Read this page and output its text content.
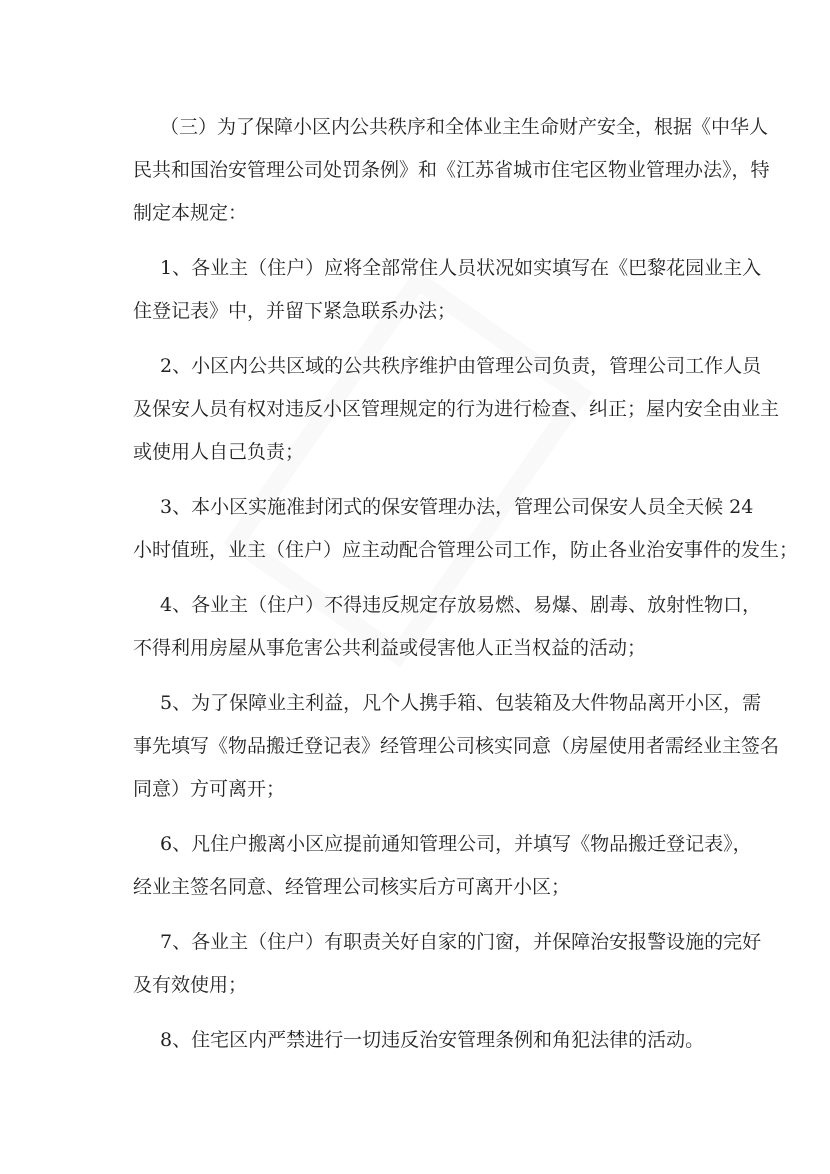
（三）为了保障小区内公共秩序和全体业主生命财产安全，根据《中华人
民共和国治安管理公司处罚条例》和《江苏省城市住宅区物业管理办法》，特
制定本规定：
1、各业主（住户）应将全部常住人员状况如实填写在《巴黎花园业主入
住登记表》中，并留下紧急联系办法；
2、小区内公共区域的公共秩序维护由管理公司负责，管理公司工作人员
及保安人员有权对违反小区管理规定的行为进行检查、纠正；屋内安全由业主
或使用人自己负责；
3、本小区实施准封闭式的保安管理办法，管理公司保安人员全天候 24
小时值班，业主（住户）应主动配合管理公司工作，防止各业治安事件的发生；
4、各业主（住户）不得违反规定存放易燃、易爆、剧毒、放射性物口，
不得利用房屋从事危害公共利益或侵害他人正当权益的活动；
5、为了保障业主利益，凡个人携手箱、包装箱及大件物品离开小区，需
事先填写《物品搬迁登记表》经管理公司核实同意（房屋使用者需经业主签名
同意）方可离开；
6、凡住户搬离小区应提前通知管理公司，并填写《物品搬迁登记表》，
经业主签名同意、经管理公司核实后方可离开小区；
7、各业主（住户）有职责关好自家的门窗，并保障治安报警设施的完好
及有效使用；
8、住宅区内严禁进行一切违反治安管理条例和角犯法律的活动。
